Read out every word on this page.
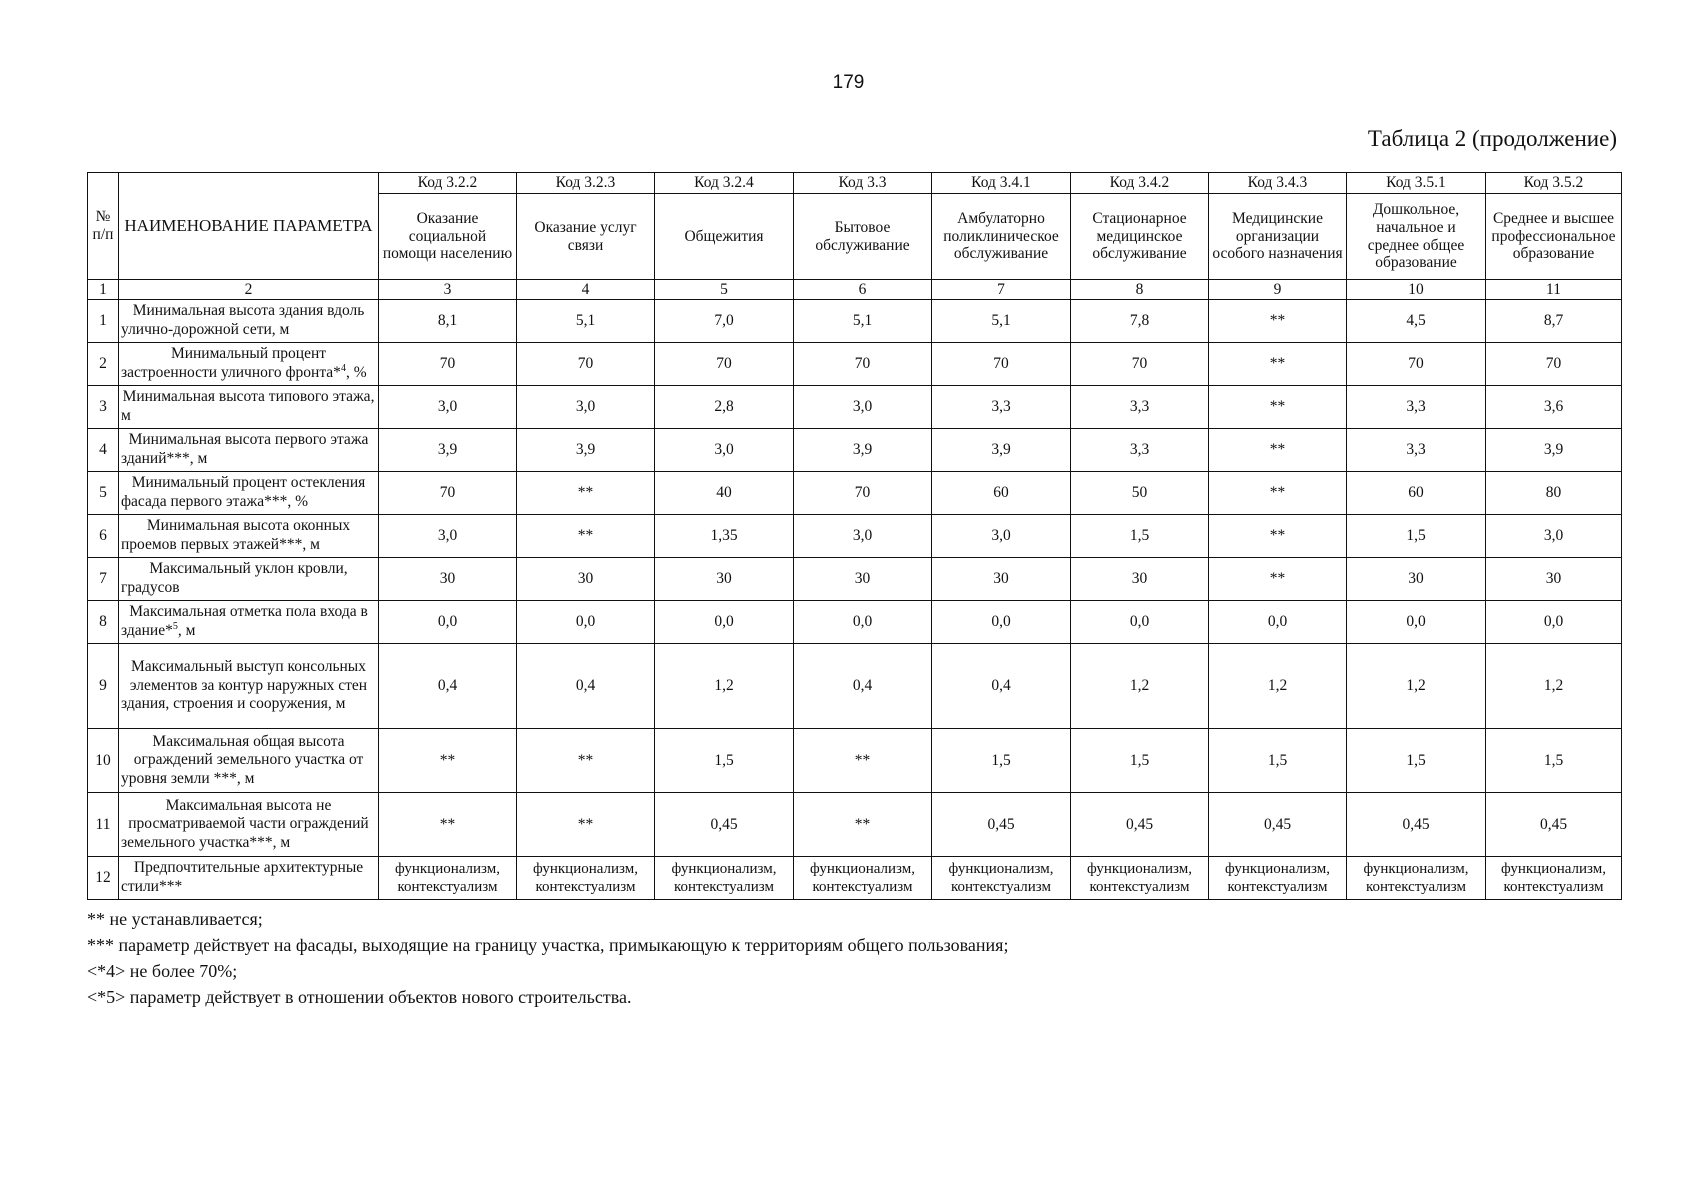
179
Таблица 2 (продолжение)
№ п/п	НАИМЕНОВАНИЕ ПАРАМЕТРА	Код 3.2.2	Код 3.2.3	Код 3.2.4	Код 3.3	Код 3.4.1	Код 3.4.2	Код 3.4.3	Код 3.5.1	Код 3.5.2
		Оказание социальной помощи населению	Оказание услуг связи	Общежития	Бытовое обслуживание	Амбулаторно поликлиническое обслуживание	Стационарное медицинское обслуживание	Медицинские организации особого назначения	Дошкольное, начальное и среднее общее образование	Среднее и высшее профессиональное образование
1	2	3	4	5	6	7	8	9	10	11
1	Минимальная высота здания вдоль улично-дорожной сети, м	8,1	5,1	7,0	5,1	5,1	7,8	**	4,5	8,7
2	Минимальный процент застроенности уличного фронта*$^4$, %	70	70	70	70	70	70	**	70	70
3	Минимальная высота типового этажа, м	3,0	3,0	2,8	3,0	3,3	3,3	**	3,3	3,6
4	Минимальная высота первого этажа зданий***, м	3,9	3,9	3,0	3,9	3,9	3,3	**	3,3	3,9
5	Минимальный процент остекления фасада первого этажа***, %	70	**	40	70	60	50	**	60	80
6	Минимальная высота оконных проемов первых этажей***, м	3,0	**	1,35	3,0	3,0	1,5	**	1,5	3,0
7	Максимальный уклон кровли, градусов	30	30	30	30	30	30	**	30	30
8	Максимальная отметка пола входа в здание*$^5$, м	0,0	0,0	0,0	0,0	0,0	0,0	0,0	0,0	0,0
9	Максимальный выступ консольных элементов за контур наружных стен здания, строения и сооружения, м	0,4	0,4	1,2	0,4	0,4	1,2	1,2	1,2	1,2
10	Максимальная общая высота ограждений земельного участка от уровня земли ***, м	**	**	1,5	**	1,5	1,5	1,5	1,5	1,5
11	Максимальная высота не просматриваемой части ограждений земельного участка***, м	**	**	0,45	**	0,45	0,45	0,45	0,45	0,45
12	Предпочтительные архитектурные стили***	функционализм, контекстуализм	функционализм, контекстуализм	функционализм, контекстуализм	функционализм, контекстуализм	функционализм, контекстуализм	функционализм, контекстуализм	функционализм, контекстуализм	функционализм, контекстуализм	функционализм, контекстуализм
** не устанавливается;
*** параметр действует на фасады, выходящие на границу участка, примыкающую к территориям общего пользования;
<*4> не более 70%;
<*5> параметр действует в отношении объектов нового строительства.
